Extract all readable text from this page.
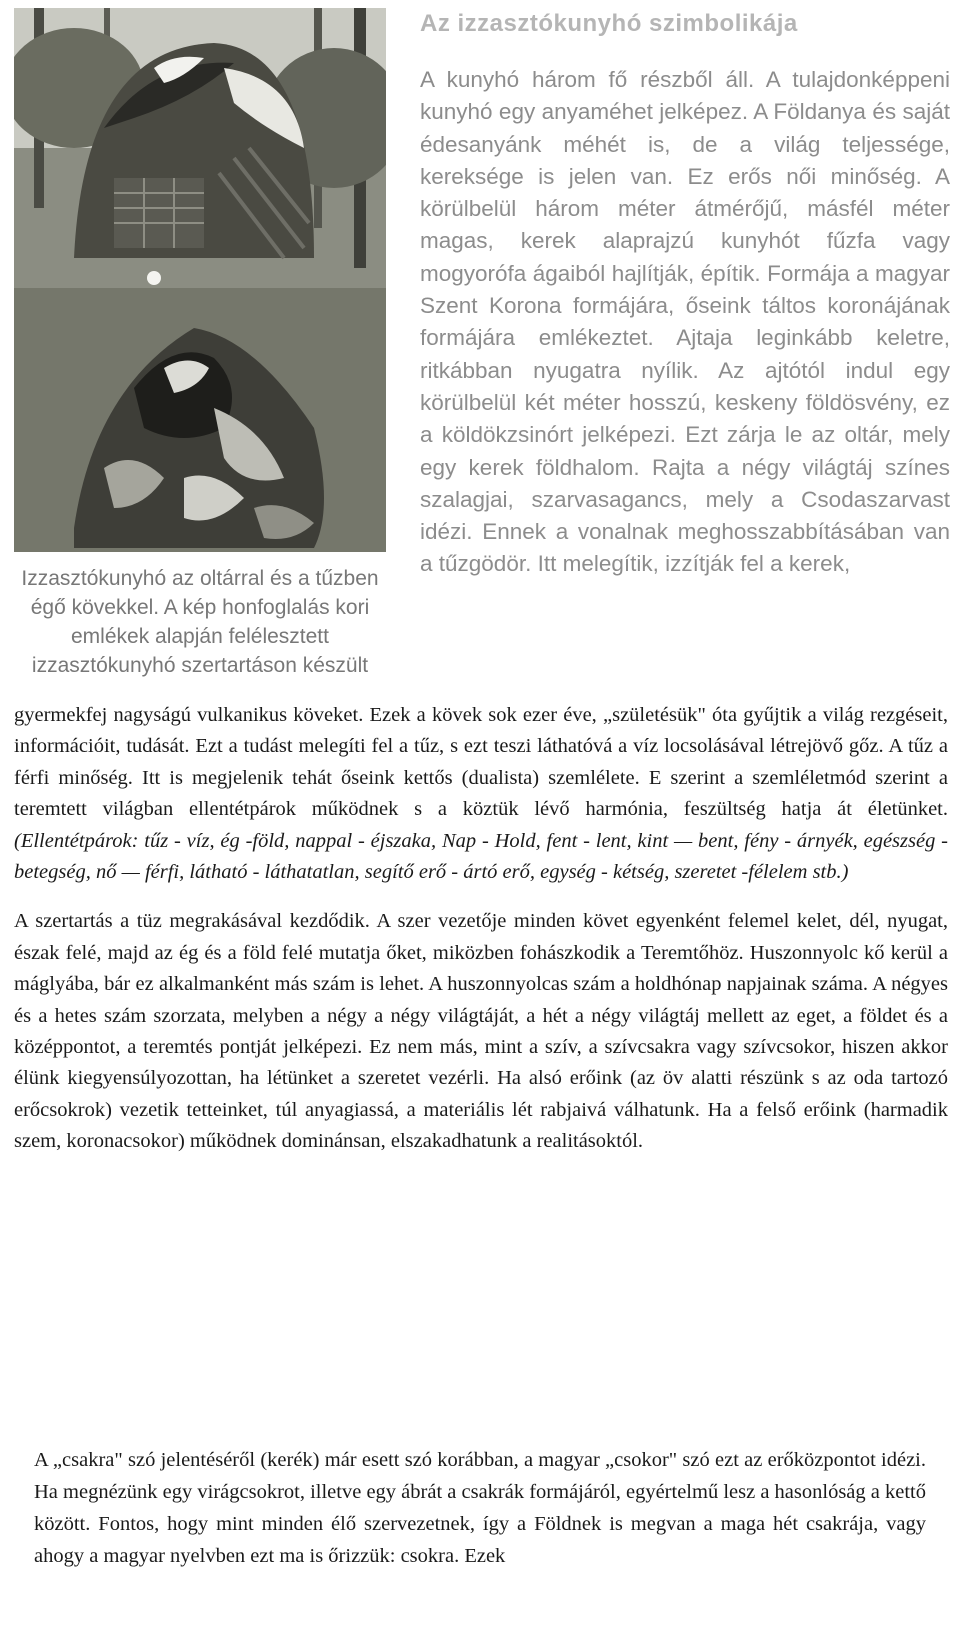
Izzasztókunyhó az oltárral és a tűzben égő kövekkel. A kép honfoglalás kori emlékek alapján felélesztett izzasztókunyhó szertartáson készült
Az izzasztókunyhó szimbolikája
A kunyhó három fő részből áll. A tulajdonképpeni kunyhó egy anyaméhet jelképez. A Földanya és saját édesanyánk méhét is, de a világ teljessége, kereksége is jelen van. Ez erős női minőség. A körülbelül három méter átmérőjű, másfél méter magas, kerek alaprajzú kunyhót fűzfa vagy mogyorófa ágaiból hajlítják, építik. Formája a magyar Szent Korona formájára, őseink táltos koronájának formájára emlékeztet. Ajtaja leginkább keletre, ritkábban nyugatra nyílik. Az ajtótól indul egy körülbelül két méter hosszú, keskeny földösvény, ez a köldökzsinórt jelképezi. Ezt zárja le az oltár, mely egy kerek földhalom. Rajta a négy világtáj színes szalagjai, szarvasagancs, mely a Csodaszarvast idézi. Ennek a vonalnak meghosszabbításában van a tűzgödör. Itt melegítik, izzítják fel a kerek,

gyermekfej nagyságú vulkanikus köveket. Ezek a kövek sok ezer éve, „születésük" óta gyűjtik a világ rezgéseit, információit, tudását. Ezt a tudást melegíti fel a tűz, s ezt teszi láthatóvá a víz locsolásával létrejövő gőz. A tűz a férfi minőség. Itt is megjelenik tehát őseink kettős (dualista) szemlélete. E szerint a szemléletmód szerint a teremtett világban ellentétpárok működnek s a köztük lévő harmónia, feszültség hatja át életünket. (Ellentétpárok: tűz - víz, ég -föld, nappal - éjszaka, Nap - Hold, fent - lent, kint — bent, fény - árnyék, egészség - betegség, nő — férfi, látható - láthatatlan, segítő erő - ártó erő, egység - kétség, szeretet -félelem stb.)

A szertartás a tüz megrakásával kezdődik. A szer vezetője minden követ egyenként felemel kelet, dél, nyugat, észak felé, majd az ég és a föld felé mutatja őket, miközben fohászkodik a Teremtőhöz. Huszonnyolc kő kerül a máglyába, bár ez alkalmanként más szám is lehet. A huszonnyolcas szám a holdhónap napjainak száma. A négyes és a hetes szám szorzata, melyben a négy a négy világtáját, a hét a négy világtáj mellett az eget, a földet és a középpontot, a teremtés pontját jelképezi. Ez nem más, mint a szív, a szívcsakra vagy szívcsokor, hiszen akkor élünk kiegyensúlyozottan, ha létünket a szeretet vezérli. Ha alsó erőink (az öv alatti részünk s az oda tartozó erőcsokrok) vezetik tetteinket, túl anyagiassá, a materiális lét rabjaivá válhatunk. Ha a felső erőink (harmadik szem, koronacsokor) működnek dominánsan, elszakadhatunk a realitásoktól.

A „csakra" szó jelentéséről (kerék) már esett szó korábban, a magyar „csokor" szó ezt az erőközpontot idézi. Ha megnézünk egy virágcsokrot, illetve egy ábrát a csakrák formájáról, egyértelmű lesz a hasonlóság a kettő között. Fontos, hogy mint minden élő szervezetnek, így a Földnek is megvan a maga hét csakrája, vagy ahogy a magyar nyelvben ezt ma is őrizzük: csokra. Ezek
